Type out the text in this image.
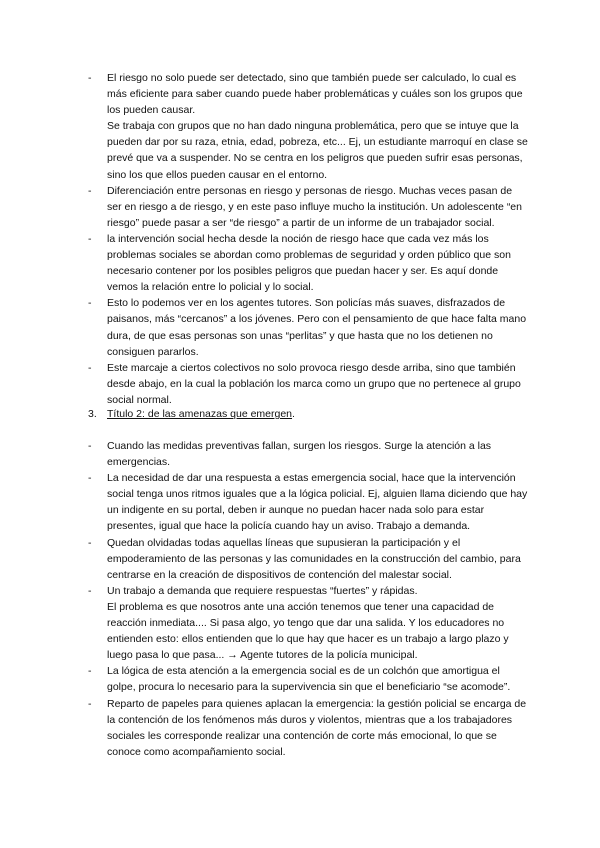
- El riesgo no solo puede ser detectado, sino que también puede ser calculado, lo cual es más eficiente para saber cuando puede haber problemáticas y cuáles son los grupos que los pueden causar.

Se trabaja con grupos que no han dado ninguna problemática, pero que se intuye que la pueden dar por su raza, etnia, edad, pobreza, etc... Ej, un estudiante marroquí en clase se prevé que va a suspender. No se centra en los peligros que pueden sufrir esas personas, sino los que ellos pueden causar en el entorno.

- Diferenciación entre personas en riesgo y personas de riesgo. Muchas veces pasan de ser en riesgo a de riesgo, y en este paso influye mucho la institución. Un adolescente “en riesgo” puede pasar a ser “de riesgo” a partir de un informe de un trabajador social.

- la intervención social hecha desde la noción de riesgo hace que cada vez más los problemas sociales se abordan como problemas de seguridad y orden público que son necesario contener por los posibles peligros que puedan hacer y ser. Es aquí donde vemos la relación entre lo policial y lo social.

- Esto lo podemos ver en los agentes tutores. Son policías más suaves, disfrazados de paisanos, más “cercanos” a los jóvenes. Pero con el pensamiento de que hace falta mano dura, de que esas personas son unas “perlitas” y que hasta que no los detienen no consiguen pararlos.

- Este marcaje a ciertos colectivos no solo provoca riesgo desde arriba, sino que también desde abajo, en la cual la población los marca como un grupo que no pertenece al grupo social normal.

3. Título 2: de las amenazas que emergen.
- Cuando las medidas preventivas fallan, surgen los riesgos. Surge la atención a las emergencias.

- La necesidad de dar una respuesta a estas emergencia social, hace que la intervención social tenga unos ritmos iguales que a la lógica policial. Ej, alguien llama diciendo que hay un indigente en su portal, deben ir aunque no puedan hacer nada solo para estar presentes, igual que hace la policía cuando hay un aviso. Trabajo a demanda.

- Quedan olvidadas todas aquellas líneas que supusieran la participación y el empoderamiento de las personas y las comunidades en la construcción del cambio, para centrarse en la creación de dispositivos de contención del malestar social.

- Un trabajo a demanda que requiere respuestas “fuertes” y rápidas.

El problema es que nosotros ante una acción tenemos que tener una capacidad de reacción inmediata.... Si pasa algo, yo tengo que dar una salida. Y los educadores no entienden esto: ellos entienden que lo que hay que hacer es un trabajo a largo plazo y luego pasa lo que pasa... → Agente tutores de la policía municipal.

- La lógica de esta atención a la emergencia social es de un colchón que amortigua el golpe, procura lo necesario para la supervivencia sin que el beneficiario “se acomode”.

- Reparto de papeles para quienes aplacan la emergencia: la gestión policial se encarga de la contención de los fenómenos más duros y violentos, mientras que a los trabajadores sociales les corresponde realizar una contención de corte más emocional, lo que se conoce como acompañamiento social.
